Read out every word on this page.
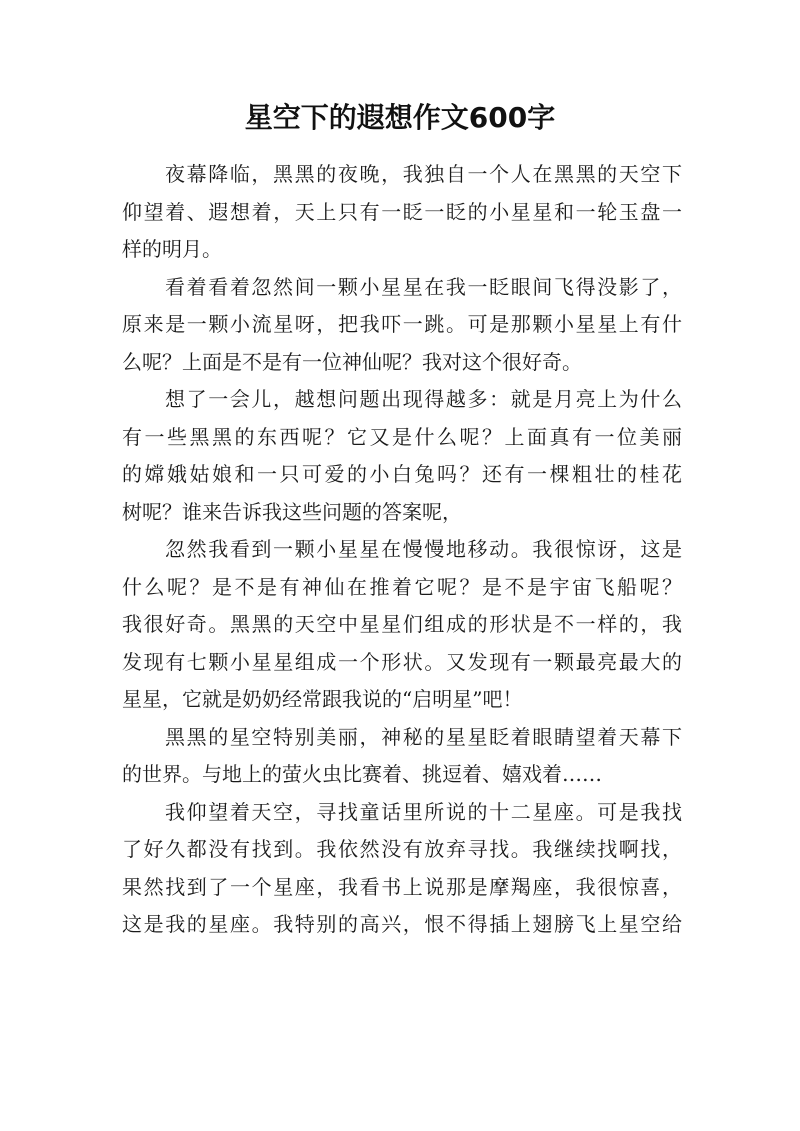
星空下的遐想作文600字
夜幕降临，黑黑的夜晚，我独自一个人在黑黑的天空下
仰望着、遐想着，天上只有一眨一眨的小星星和一轮玉盘一
样的明月。
看着看着忽然间一颗小星星在我一眨眼间飞得没影了，
原来是一颗小流星呀，把我吓一跳。可是那颗小星星上有什
么呢？上面是不是有一位神仙呢？我对这个很好奇。
想了一会儿，越想问题出现得越多：就是月亮上为什么
有一些黑黑的东西呢？它又是什么呢？上面真有一位美丽
的嫦娥姑娘和一只可爱的小白兔吗？还有一棵粗壮的桂花
树呢？谁来告诉我这些问题的答案呢，
忽然我看到一颗小星星在慢慢地移动。我很惊讶，这是
什么呢？是不是有神仙在推着它呢？是不是宇宙飞船呢？
我很好奇。黑黑的天空中星星们组成的形状是不一样的，我
发现有七颗小星星组成一个形状。又发现有一颗最亮最大的
星星，它就是奶奶经常跟我说的“启明星”吧！
黑黑的星空特别美丽，神秘的星星眨着眼睛望着天幕下
的世界。与地上的萤火虫比赛着、挑逗着、嬉戏着……
我仰望着天空，寻找童话里所说的十二星座。可是我找
了好久都没有找到。我依然没有放弃寻找。我继续找啊找，
果然找到了一个星座，我看书上说那是摩羯座，我很惊喜，
这是我的星座。我特别的高兴，恨不得插上翅膀飞上星空给
